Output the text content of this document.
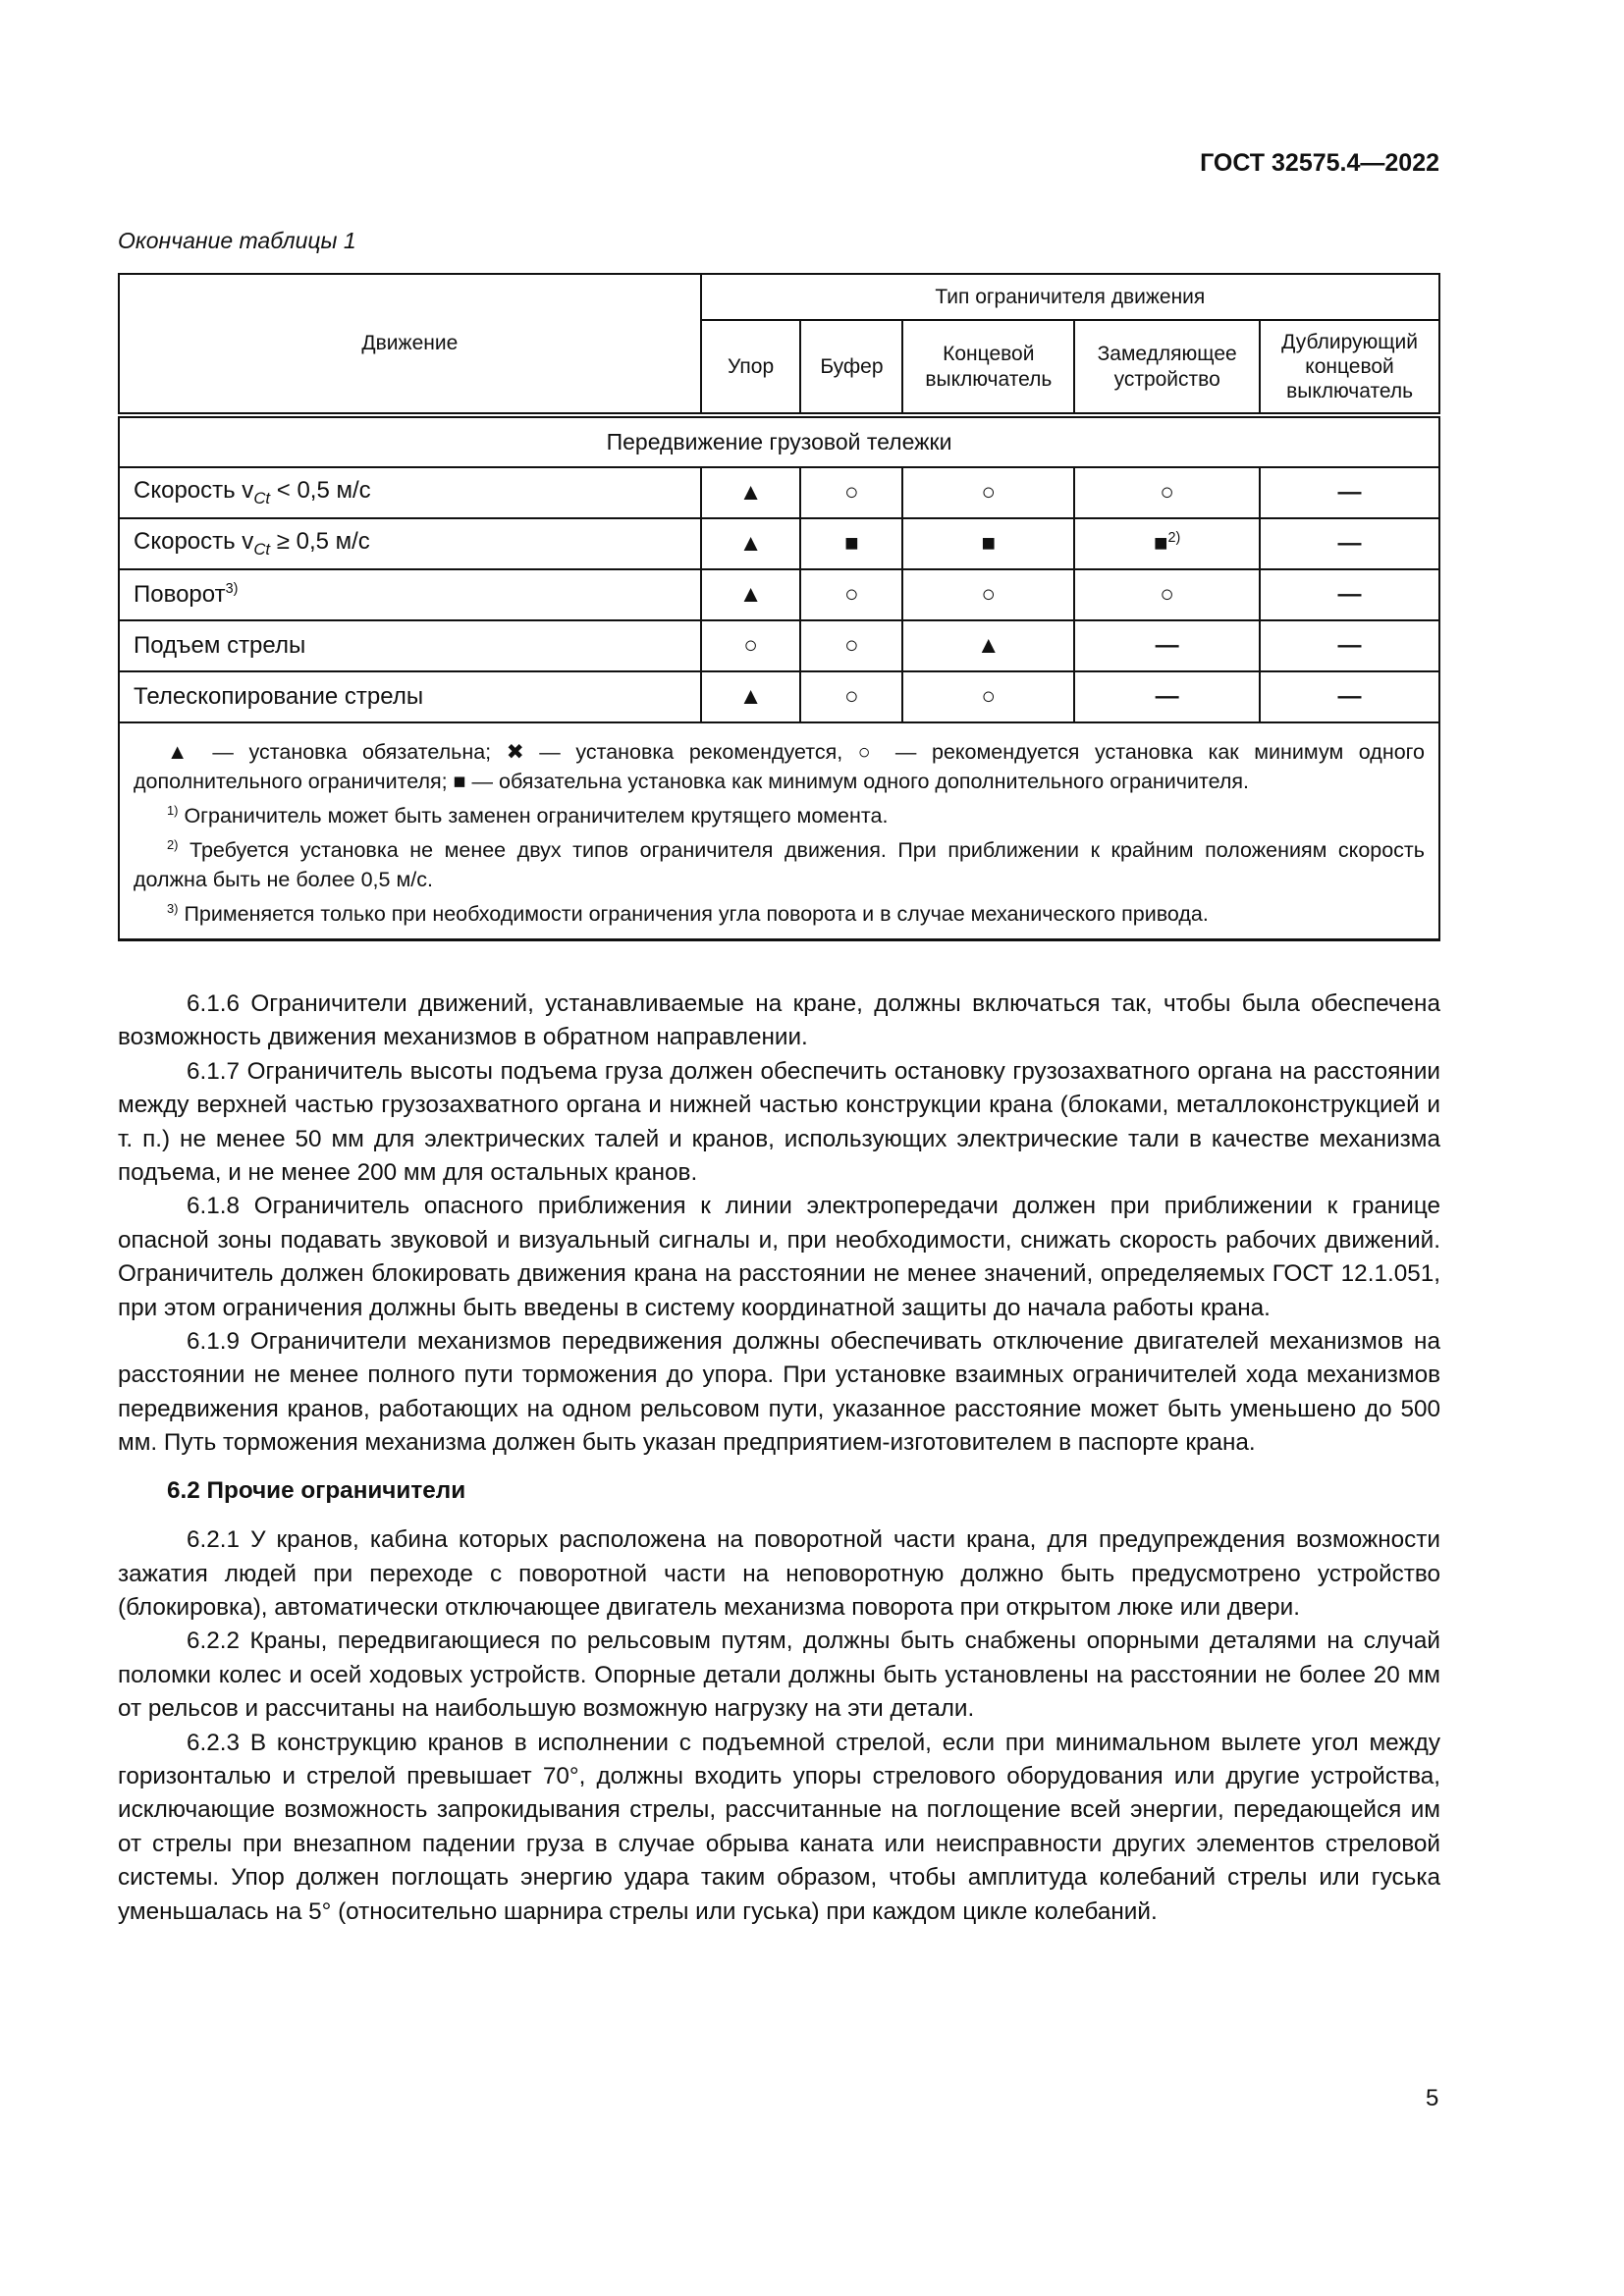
ГОСТ 32575.4—2022
Окончание таблицы 1
Движение	Тип ограничителя движения				
	Упор	Буфер	Концевой выключатель	Замедляющее устройство	Дублирующий концевой выключатель
Передвижение грузовой тележки					
Скорость $v_{Ct} < 0,5$ м/с	▲	○	○	○	—
Скорость $v_{Ct} \ge 0,5$ м/с	▲	■	■	■$^{2)}$	—
Поворот$^{3)}$	▲	○	○	○	—
Подъем стрелы	○	○	▲	—	—
Телескопирование стрелы	▲	○	○	—	—

▲ — установка обязательна; ✖ — установка рекомендуется, ○ — рекомендуется установка как минимум одного дополнительного ограничителя; ■ — обязательна установка как минимум одного дополнительного ограничителя.

$^{1)}$ Ограничитель может быть заменен ограничителем крутящего момента.

$^{2)}$ Требуется установка не менее двух типов ограничителя движения. При приближении к крайним положениям скорость должна быть не более 0,5 м/с.

$^{3)}$ Применяется только при необходимости ограничения угла поворота и в случае механического привода.					

6.1.6 Ограничители движений, устанавливаемые на кране, должны включаться так, чтобы была обеспечена возможность движения механизмов в обратном направлении.

6.1.7 Ограничитель высоты подъема груза должен обеспечить остановку грузозахватного органа на расстоянии между верхней частью грузозахватного органа и нижней частью конструкции крана (блоками, металлоконструкцией и т. п.) не менее 50 мм для электрических талей и кранов, использующих электрические тали в качестве механизма подъема, и не менее 200 мм для остальных кранов.

6.1.8 Ограничитель опасного приближения к линии электропередачи должен при приближении к границе опасной зоны подавать звуковой и визуальный сигналы и, при необходимости, снижать скорость рабочих движений. Ограничитель должен блокировать движения крана на расстоянии не менее значений, определяемых ГОСТ 12.1.051, при этом ограничения должны быть введены в систему координатной защиты до начала работы крана.

6.1.9 Ограничители механизмов передвижения должны обеспечивать отключение двигателей механизмов на расстоянии не менее полного пути торможения до упора. При установке взаимных ограничителей хода механизмов передвижения кранов, работающих на одном рельсовом пути, указанное расстояние может быть уменьшено до 500 мм. Путь торможения механизма должен быть указан предприятием-изготовителем в паспорте крана.

6.2 Прочие ограничители

6.2.1 У кранов, кабина которых расположена на поворотной части крана, для предупреждения возможности зажатия людей при переходе с поворотной части на неповоротную должно быть предусмотрено устройство (блокировка), автоматически отключающее двигатель механизма поворота при открытом люке или двери.

6.2.2 Краны, передвигающиеся по рельсовым путям, должны быть снабжены опорными деталями на случай поломки колес и осей ходовых устройств. Опорные детали должны быть установлены на расстоянии не более 20 мм от рельсов и рассчитаны на наибольшую возможную нагрузку на эти детали.

6.2.3 В конструкцию кранов в исполнении с подъемной стрелой, если при минимальном вылете угол между горизонталью и стрелой превышает 70°, должны входить упоры стрелового оборудования или другие устройства, исключающие возможность запрокидывания стрелы, рассчитанные на поглощение всей энергии, передающейся им от стрелы при внезапном падении груза в случае обрыва каната или неисправности других элементов стреловой системы. Упор должен поглощать энергию удара таким образом, чтобы амплитуда колебаний стрелы или гуська уменьшалась на 5° (относительно шарнира стрелы или гуська) при каждом цикле колебаний.

5
